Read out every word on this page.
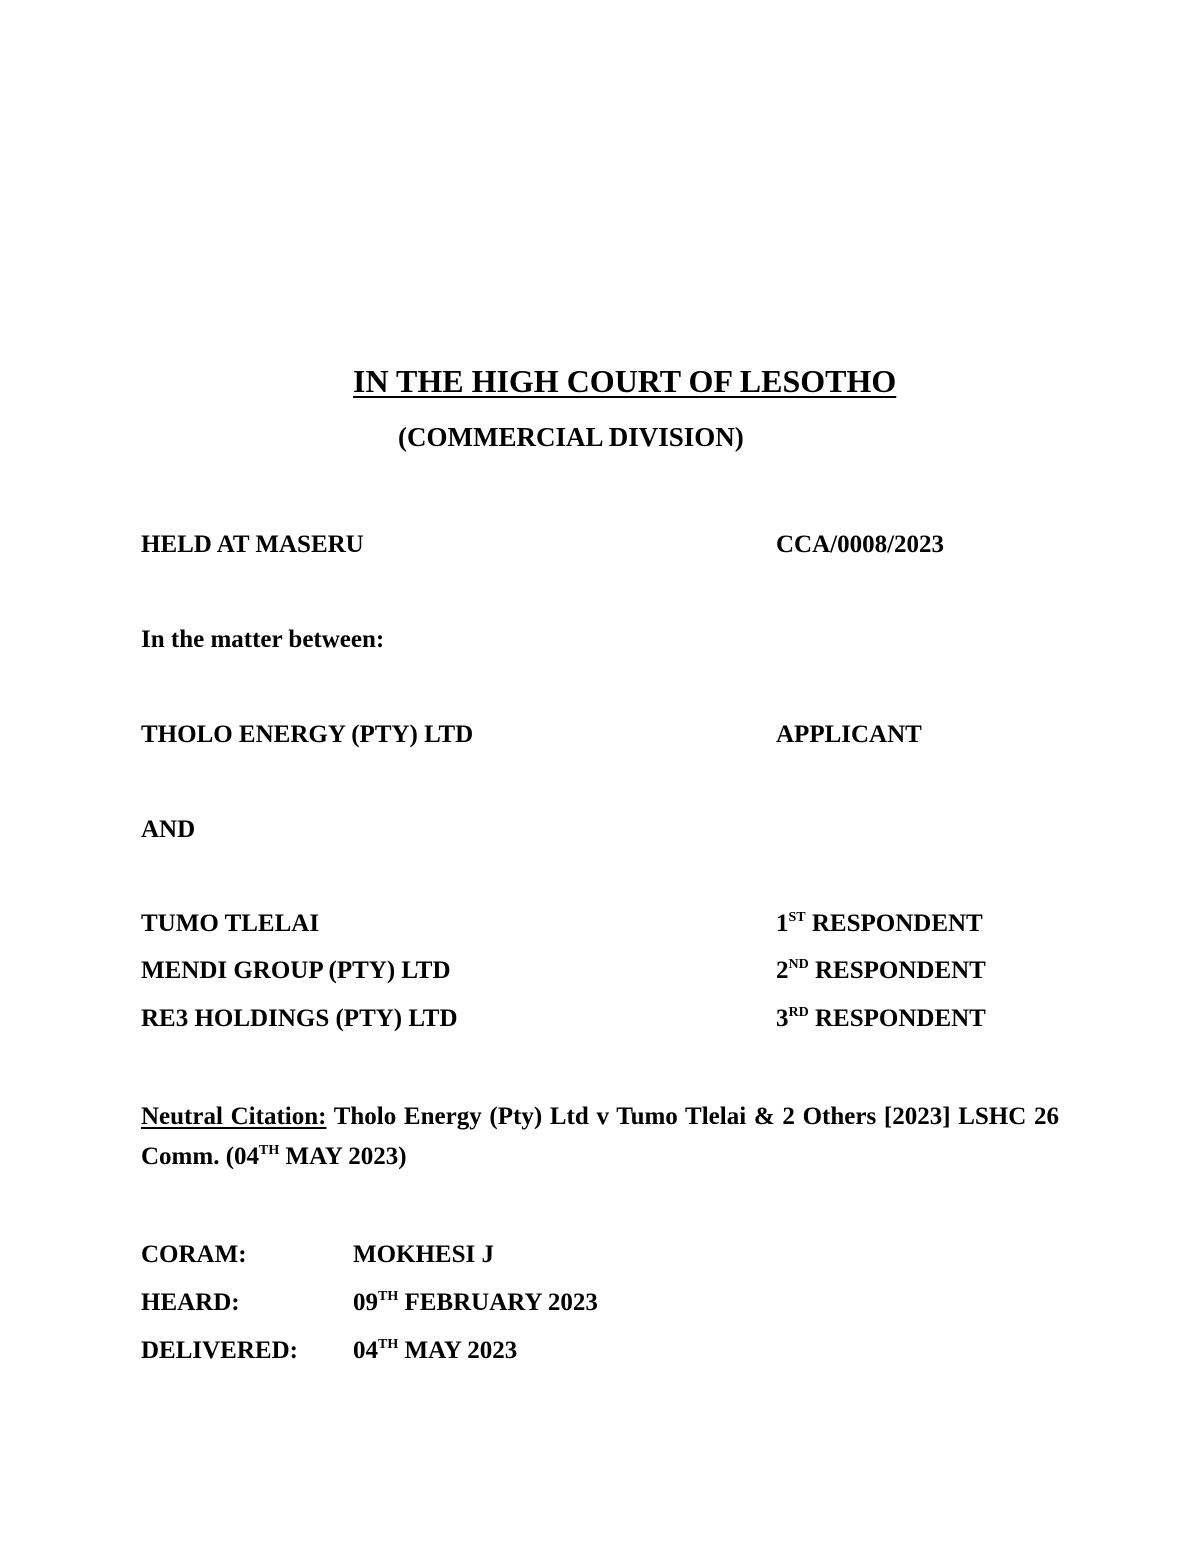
IN THE HIGH COURT OF LESOTHO
(COMMERCIAL DIVISION)
HELD AT MASERU	CCA/0008/2023
In the matter between:
THOLO ENERGY (PTY) LTD	APPLICANT
AND
TUMO TLELAI	1ST RESPONDENT
MENDI GROUP (PTY) LTD	2ND RESPONDENT
RE3 HOLDINGS (PTY) LTD	3RD RESPONDENT
Neutral Citation: Tholo Energy (Pty) Ltd v Tumo Tlelai & 2 Others [2023] LSHC 26 Comm. (04TH MAY 2023)
CORAM:	MOKHESI J
HEARD:	09TH FEBRUARY 2023
DELIVERED: 04TH MAY 2023
